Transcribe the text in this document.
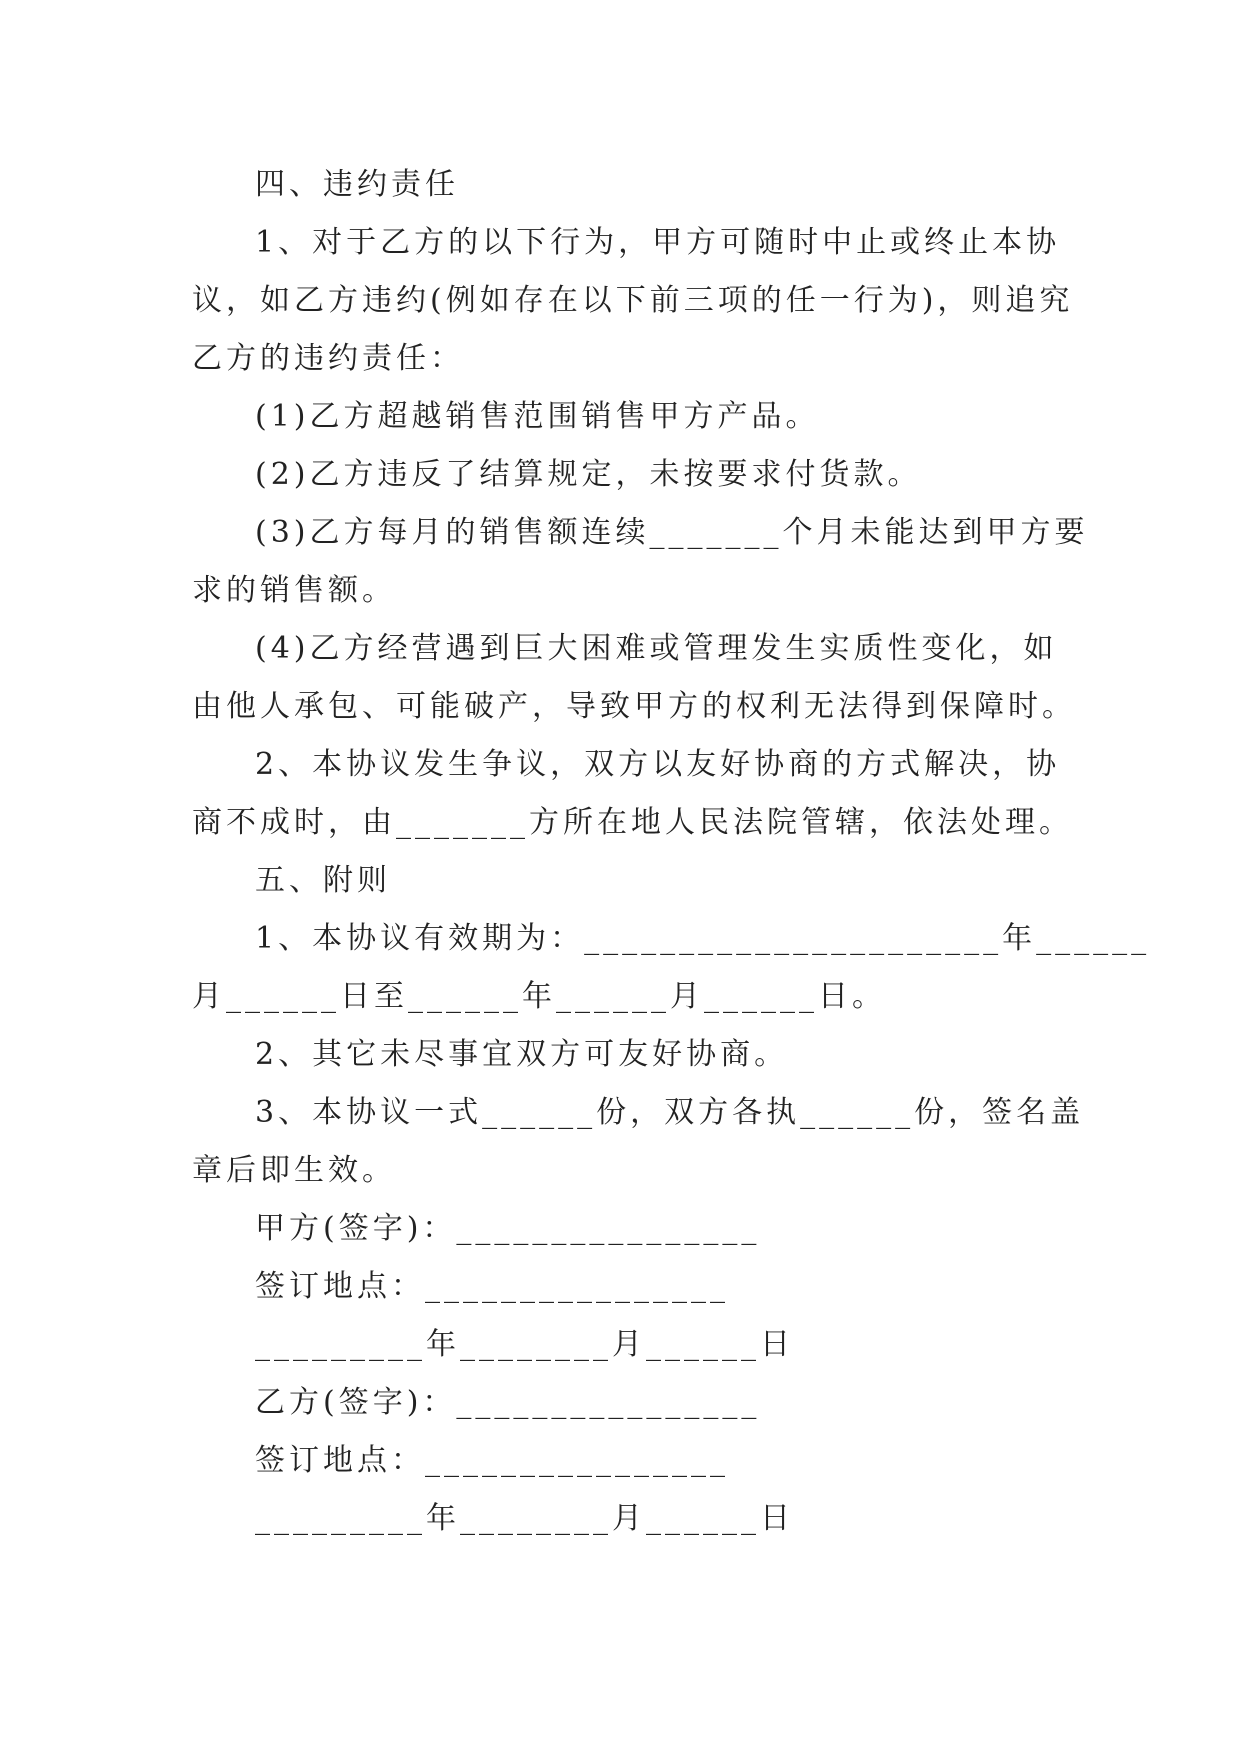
四、违约责任
1、对于乙方的以下行为，甲方可随时中止或终止本协
议，如乙方违约(例如存在以下前三项的任一行为)，则追究
乙方的违约责任：
(1)乙方超越销售范围销售甲方产品。
(2)乙方违反了结算规定，未按要求付货款。
(3)乙方每月的销售额连续_______个月未能达到甲方要
求的销售额。
(4)乙方经营遇到巨大困难或管理发生实质性变化，如
由他人承包、可能破产，导致甲方的权利无法得到保障时。
2、本协议发生争议，双方以友好协商的方式解决，协
商不成时，由_______方所在地人民法院管辖，依法处理。
五、附则
1、本协议有效期为：______________________年______
月______日至______年______月______日。
2、其它未尽事宜双方可友好协商。
3、本协议一式______份，双方各执______份，签名盖
章后即生效。
甲方(签字)：________________
签订地点：________________
_________年________月______日
乙方(签字)：________________
签订地点：________________
_________年________月______日
